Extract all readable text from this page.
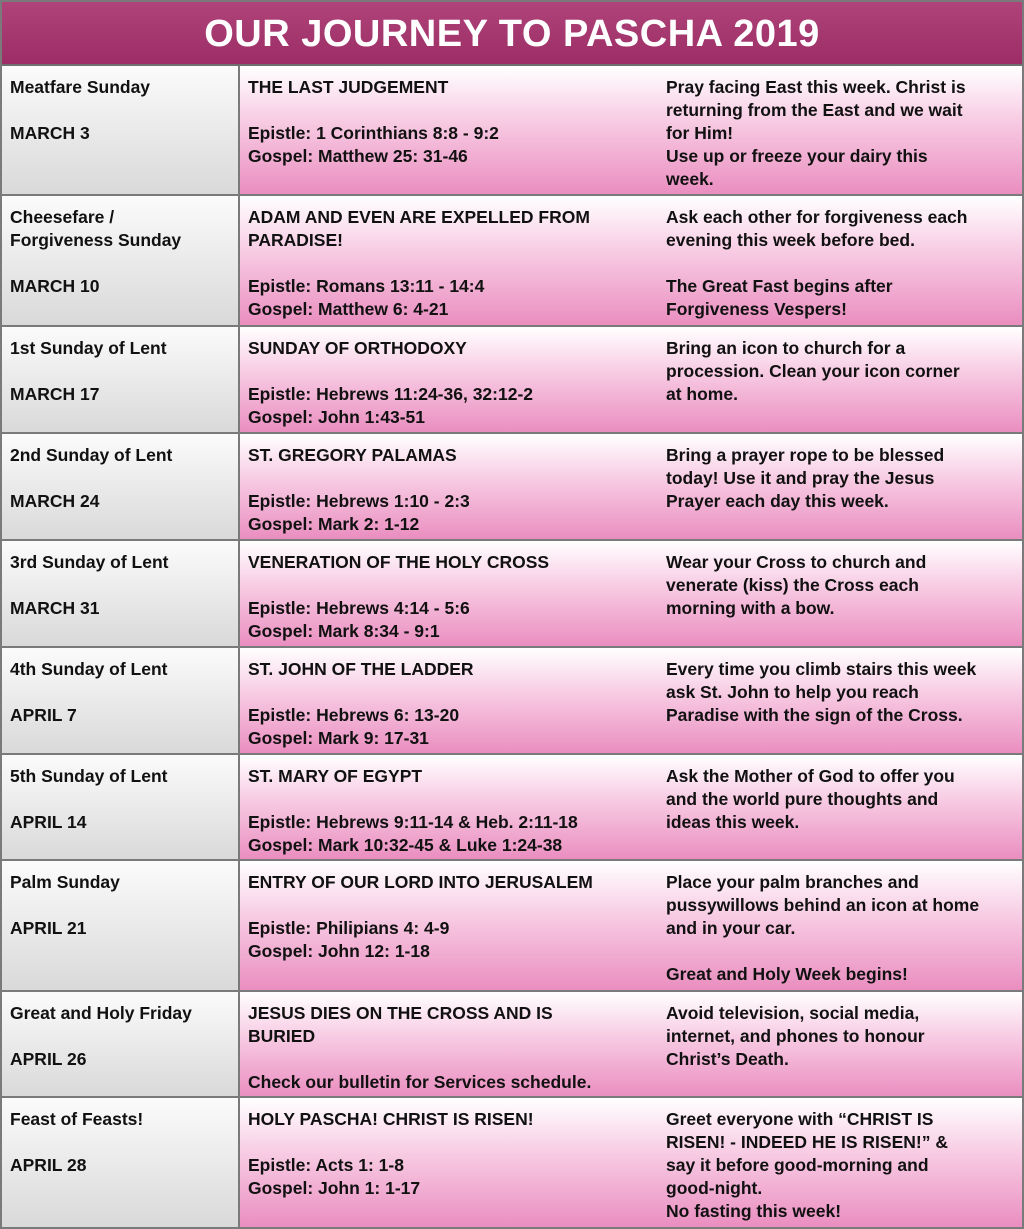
OUR JOURNEY TO PASCHA 2019
Meatfare Sunday
MARCH 3
THE LAST JUDGEMENT
Epistle: 1 Corinthians 8:8 - 9:2
Gospel: Matthew 25: 31-46
Pray facing East this week. Christ is
returning from the East and we wait
for Him!
Use up or freeze your dairy this
week.
Cheesefare /
Forgiveness Sunday
MARCH 10
ADAM AND EVEN ARE EXPELLED FROM
PARADISE!
Epistle: Romans 13:11 - 14:4
Gospel: Matthew 6: 4-21
Ask each other for forgiveness each
evening this week before bed.
The Great Fast begins after
Forgiveness Vespers!
1st Sunday of Lent
MARCH 17
SUNDAY OF ORTHODOXY
Epistle: Hebrews 11:24-36, 32:12-2
Gospel: John 1:43-51
Bring an icon to church for a
procession. Clean your icon corner
at home.
2nd Sunday of Lent
MARCH 24
ST. GREGORY PALAMAS
Epistle: Hebrews 1:10 - 2:3
Gospel: Mark 2: 1-12
Bring a prayer rope to be blessed
today! Use it and pray the Jesus
Prayer each day this week.
3rd Sunday of Lent
MARCH 31
VENERATION OF THE HOLY CROSS
Epistle: Hebrews 4:14 - 5:6
Gospel: Mark 8:34 - 9:1
Wear your Cross to church and
venerate (kiss) the Cross each
morning with a bow.
4th Sunday of Lent
APRIL 7
ST. JOHN OF THE LADDER
Epistle: Hebrews 6: 13-20
Gospel: Mark 9: 17-31
Every time you climb stairs this week
ask St. John to help you reach
Paradise with the sign of the Cross.
5th Sunday of Lent
APRIL 14
ST. MARY OF EGYPT
Epistle: Hebrews 9:11-14 & Heb. 2:11-18
Gospel: Mark 10:32-45 & Luke 1:24-38
Ask the Mother of God to offer you
and the world pure thoughts and
ideas this week.
Palm Sunday
APRIL 21
ENTRY OF OUR LORD INTO JERUSALEM
Epistle: Philipians 4: 4-9
Gospel: John 12: 1-18
Place your palm branches and
pussywillows behind an icon at home
and in your car.
Great and Holy Week begins!
Great and Holy Friday
APRIL 26
JESUS DIES ON THE CROSS AND IS
BURIED
Check our bulletin for Services schedule.
Avoid television, social media,
internet, and phones to honour
Christ’s Death.
Feast of Feasts!
APRIL 28
HOLY PASCHA! CHRIST IS RISEN!
Epistle: Acts 1: 1-8
Gospel: John 1: 1-17
Greet everyone with “CHRIST IS
RISEN! - INDEED HE IS RISEN!” &
say it before good-morning and
good-night.
No fasting this week!
